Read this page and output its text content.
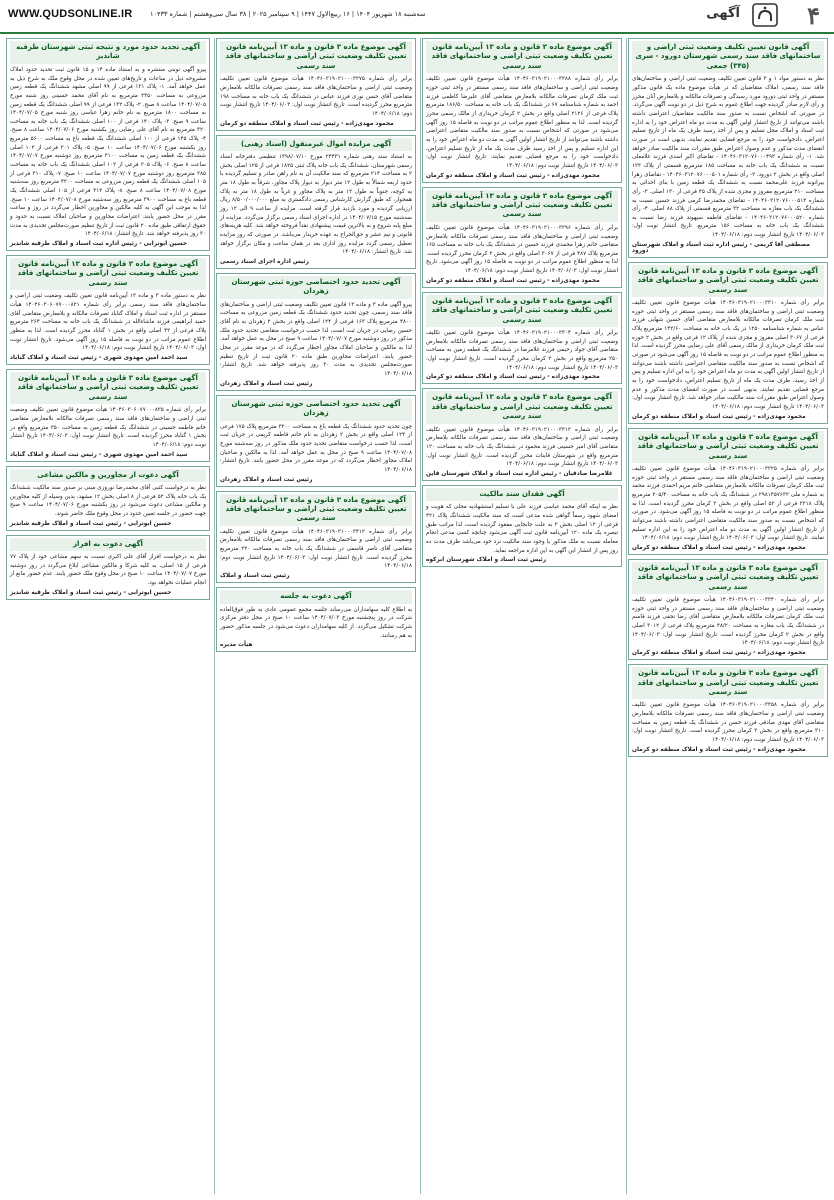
WWW.QUDSONLINE.IR	سه‌شنبه ۱۸ شهریور ۱۴۰۴ | ۱۶ ربیع‌الاول ۱۴۴۷ | ۹ سپتامبر ۲۰۲۵ | ۳۸ سال سی‌وهشتم | شماره ۱۰۴۳۳	آگهی	۴
آگهی قانون تعیین تکلیف وضعیت ثبتی اراضی و ساختمانهای فاقد سند رسمی شهرستان دورود - سری (۳۴۵) جمعی
نظر به دستور مواد ۱ و ۳ قانون تعیین تکلیف وضعیت ثبتی اراضی و ساختمان‌های فاقد سند رسمی، املاک متقاضیان که در هیأت موضوع ماده یک قانون مذکور مستقر در واحد ثبتی دورود مورد رسیدگی و تصرفات مالکانه و بلامعارض آنان محرز و رأی لازم صادر گردیده جهت اطلاع عموم به شرح ذیل در دو نوبت آگهی می‌گردد. در صورتی که اشخاص نسبت به صدور سند مالکیت متقاضیان اعتراضی داشته باشند می‌توانند از تاریخ انتشار اولین آگهی به مدت دو ماه اعتراض خود را به اداره ثبت اسناد و املاک محل تسلیم و پس از اخذ رسید ظرف یک ماه از تاریخ تسلیم اعتراض، دادخواست خود را به مرجع قضایی تقدیم نمایند. بدیهی است در صورت انقضای مدت مذکور و عدم وصول اعتراض طبق مقررات سند مالکیت صادر خواهد شد. ۱- رأی شماره ۱۴۰۴۶۰۳۱۲۰۷۶۰۰۰۴۹۳ - تقاضای اکبر اسدی فرزند غلامعلی نسبت به ششدانگ یک باب خانه به مساحت ۱۸۵ مترمربع قسمتی از پلاک ۱۲۳ اصلی واقع در بخش ۲ دورود. ۲- رأی شماره ۱۴۰۴۶۰۳۱۲۰۷۶۰۰۰۵۰۱ - تقاضای زهرا بیرانوند فرزند علی‌محمد نسبت به ششدانگ یک قطعه زمین با بنای احداثی به مساحت ۲۱۰ مترمربع مفروز و مجزی شده از پلاک ۴۵ فرعی از ۱۳۰ اصلی. ۳- رأی شماره ۱۴۰۴۶۰۳۱۲۰۷۶۰۰۰۵۱۲ - تقاضای محمدرضا کرمی فرزند حسین نسبت به ششدانگ یک باب مغازه به مساحت ۳۲ مترمربع قسمتی از پلاک ۸۸ اصلی. ۴- رأی شماره ۱۴۰۴۶۰۳۱۲۰۷۶۰۰۰۵۲۰ - تقاضای فاطمه سپهوند فرزند رضا نسبت به ششدانگ یک باب خانه به مساحت ۱۵۶ مترمربع. تاریخ انتشار نوبت اول: ۱۴۰۴/۰۶/۰۳ تاریخ انتشار نوبت دوم: ۱۴۰۴/۰۶/۱۸
مصطفی آقا کریمی - رئیس اداره ثبت اسناد و املاک شهرستان دورود
آگهی موضوع ماده ۳ قانون و ماده ۱۳ آیین‌نامه قانون تعیین تکلیف وضعیت ثبتی اراضی و ساختمانهای فاقد سند رسمی
برابر رأی شماره ۱۴۰۴۶۰۳۱۹۰۲۱۰۰۰۳۳۱۰ هیأت موضوع قانون تعیین تکلیف وضعیت ثبتی اراضی و ساختمان‌های فاقد سند رسمی مستقر در واحد ثبتی حوزه ثبت ملک کرمان تصرفات مالکانه بلامعارض متقاضی آقای حسین شهابی فرزند عباس به شماره شناسنامه ۱۲۵۰ در یک باب خانه به مساحت ۱۴۲/۶۰ مترمربع پلاک فرعی از ۳۰۶۷ اصلی مفروز و مجزی شده از پلاک ۱۲ فرعی واقع در بخش ۲ حوزه ثبت ملک کرمان خریداری از مالک رسمی آقای علی رضایی محرز گردیده است. لذا به منظور اطلاع عموم مراتب در دو نوبت به فاصله ۱۵ روز آگهی می‌شود در صورتی که اشخاص نسبت به صدور سند مالکیت متقاضی اعتراضی داشته باشند می‌توانند از تاریخ انتشار اولین آگهی به مدت دو ماه اعتراض خود را به این اداره تسلیم و پس از اخذ رسید، ظرف مدت یک ماه از تاریخ تسلیم اعتراض، دادخواست خود را به مرجع قضایی تقدیم نمایند. بدیهی است در صورت انقضای مدت مذکور و عدم وصول اعتراض طبق مقررات سند مالکیت صادر خواهد شد. تاریخ انتشار نوبت اول: ۱۴۰۴/۰۶/۰۳ تاریخ انتشار نوبت دوم: ۱۴۰۴/۰۶/۱۸
محمود مهدی‌زاده - رئیس ثبت اسناد و املاک منطقه دو کرمان
آگهی موضوع ماده ۳ قانون و ماده ۱۳ آیین‌نامه قانون تعیین تکلیف وضعیت ثبتی اراضی و ساختمانهای فاقد سند رسمی
برابر رأی شماره ۱۴۰۴۶۰۳۱۹۰۲۱۰۰۰۳۳۲۵ هیأت موضوع قانون تعیین تکلیف وضعیت ثبتی اراضی و ساختمان‌های فاقد سند رسمی مستقر در واحد ثبتی حوزه ثبت ملک کرمان تصرفات مالکانه بلامعارض متقاضی خانم مریم احمدی فرزند محمد به شماره ملی ۲۹۸۱۴۵۷۶۳۲ در ششدانگ یک باب خانه به مساحت ۲۰۵/۴۰ مترمربع پلاک ۲۲۱۸ فرعی از ۵۲ اصلی واقع در بخش ۲ کرمان محرز گردیده است. لذا به منظور اطلاع عموم مراتب در دو نوبت به فاصله ۱۵ روز آگهی می‌شود. در صورتی که اشخاص نسبت به صدور سند مالکیت متقاضی اعتراضی داشته باشند می‌توانند از تاریخ انتشار اولین آگهی به مدت دو ماه اعتراض خود را به این اداره تسلیم نمایند. تاریخ انتشار نوبت اول: ۱۴۰۴/۰۶/۰۳ تاریخ انتشار نوبت دوم: ۱۴۰۴/۰۶/۱۸
محمود مهدی‌زاده - رئیس ثبت اسناد و املاک منطقه دو کرمان
آگهی موضوع ماده ۳ قانون و ماده ۱۳ آیین‌نامه قانون تعیین تکلیف وضعیت ثبتی اراضی و ساختمانهای فاقد سند رسمی
برابر رأی شماره ۱۴۰۴۶۰۳۱۹۰۲۱۰۰۰۳۳۴۰ هیأت موضوع قانون تعیین تکلیف وضعیت ثبتی اراضی و ساختمان‌های فاقد سند رسمی مستقر در واحد ثبتی حوزه ثبت ملک کرمان تصرفات مالکانه بلامعارض متقاضی آقای رضا نجفی فرزند قاسم در ششدانگ یک باب مغازه به مساحت ۴۸/۲۰ مترمربع پلاک فرعی از ۳۰۱۲ اصلی واقع در بخش ۲ کرمان محرز گردیده است. تاریخ انتشار نوبت اول: ۱۴۰۴/۰۶/۰۳ تاریخ انتشار نوبت دوم: ۱۴۰۴/۰۶/۱۸
محمود مهدی‌زاده - رئیس ثبت اسناد و املاک منطقه دو کرمان
آگهی موضوع ماده ۳ قانون و ماده ۱۳ آیین‌نامه قانون تعیین تکلیف وضعیت ثبتی اراضی و ساختمانهای فاقد سند رسمی
برابر رأی شماره ۱۴۰۴۶۰۳۱۹۰۲۱۰۰۰۳۳۵۸ هیأت موضوع قانون تعیین تکلیف وضعیت ثبتی اراضی و ساختمان‌های فاقد سند رسمی تصرفات مالکانه بلامعارض متقاضی آقای مهدی صادقی فرزند حسن در ششدانگ یک قطعه زمین به مساحت ۳۱۰ مترمربع واقع در بخش ۳ کرمان محرز گردیده است. تاریخ انتشار نوبت اول: ۱۴۰۴/۰۶/۰۳ تاریخ انتشار نوبت دوم: ۱۴۰۴/۰۶/۱۸
محمود مهدی‌زاده - رئیس ثبت اسناد و املاک منطقه دو کرمان
آگهی موضوع ماده ۳ قانون و ماده ۱۳ آیین‌نامه قانون تعیین تکلیف وضعیت ثبتی اراضی و ساختمانهای فاقد سند رسمی
برابر رأی شماره ۱۴۰۴۶۰۳۱۹۰۲۱۰۰۰۳۲۸۸ هیأت موضوع قانون تعیین تکلیف وضعیت ثبتی اراضی و ساختمان‌های فاقد سند رسمی مستقر در واحد ثبتی حوزه ثبت ملک کرمان تصرفات مالکانه بلامعارض متقاضی آقای علیرضا کاظمی فرزند احمد به شماره شناسنامه ۶۷ در ششدانگ یک باب خانه به مساحت ۱۸۶/۵۰ مترمربع پلاک فرعی از ۲۱۲۶ اصلی واقع در بخش ۲ کرمان خریداری از مالک رسمی محرز گردیده است. لذا به منظور اطلاع عموم مراتب در دو نوبت به فاصله ۱۵ روز آگهی می‌شود در صورتی که اشخاص نسبت به صدور سند مالکیت متقاضی اعتراضی داشته باشند می‌توانند از تاریخ انتشار اولین آگهی به مدت دو ماه اعتراض خود را به این اداره تسلیم و پس از اخذ رسید ظرف مدت یک ماه از تاریخ تسلیم اعتراض، دادخواست خود را به مرجع قضایی تقدیم نمایند. تاریخ انتشار نوبت اول: ۱۴۰۴/۰۶/۰۳ تاریخ انتشار نوبت دوم: ۱۴۰۴/۰۶/۱۸
محمود مهدی‌زاده - رئیس ثبت اسناد و املاک منطقه دو کرمان
آگهی موضوع ماده ۳ قانون و ماده ۱۳ آیین‌نامه قانون تعیین تکلیف وضعیت ثبتی اراضی و ساختمانهای فاقد سند رسمی
برابر رأی شماره ۱۴۰۴۶۰۳۱۹۰۲۱۰۰۰۳۲۹۶ هیأت موضوع قانون تعیین تکلیف وضعیت ثبتی اراضی و ساختمان‌های فاقد سند رسمی تصرفات مالکانه بلامعارض متقاضی خانم زهرا محمدی فرزند حسین در ششدانگ یک باب خانه به مساحت ۱۶۵ مترمربع پلاک ۴۸۷ فرعی از ۳۰۶۷ اصلی واقع در بخش ۲ کرمان محرز گردیده است. لذا به منظور اطلاع عموم مراتب در دو نوبت به فاصله ۱۵ روز آگهی می‌شود. تاریخ انتشار نوبت اول: ۱۴۰۴/۰۶/۰۳ تاریخ انتشار نوبت دوم: ۱۴۰۴/۰۶/۱۸
محمود مهدی‌زاده - رئیس ثبت اسناد و املاک منطقه دو کرمان
آگهی موضوع ماده ۳ قانون و ماده ۱۳ آیین‌نامه قانون تعیین تکلیف وضعیت ثبتی اراضی و ساختمانهای فاقد سند رسمی
برابر رأی شماره ۱۴۰۴۶۰۳۱۹۰۲۱۰۰۰۳۳۰۴ هیأت موضوع قانون تعیین تکلیف وضعیت ثبتی اراضی و ساختمان‌های فاقد سند رسمی تصرفات مالکانه بلامعارض متقاضی آقای جواد رحیمی فرزند غلامرضا در ششدانگ یک قطعه زمین به مساحت ۲۵۰ مترمربع واقع در بخش ۲ کرمان محرز گردیده است. تاریخ انتشار نوبت اول: ۱۴۰۴/۰۶/۰۳ تاریخ انتشار نوبت دوم: ۱۴۰۴/۰۶/۱۸
محمود مهدی‌زاده - رئیس ثبت اسناد و املاک منطقه دو کرمان
آگهی موضوع ماده ۳ قانون و ماده ۱۳ آیین‌نامه قانون تعیین تکلیف وضعیت ثبتی اراضی و ساختمانهای فاقد سند رسمی
برابر رأی شماره ۱۴۰۴۶۰۳۱۹۰۲۱۰۰۰۳۳۱۲ هیأت موضوع قانون تعیین تکلیف وضعیت ثبتی اراضی و ساختمان‌های فاقد سند رسمی تصرفات مالکانه بلامعارض متقاضی آقای امیر حسینی فرزند محمود در ششدانگ یک باب خانه به مساحت ۱۲۰ مترمربع واقع در شهرستان قاینات محرز گردیده است. تاریخ انتشار نوبت اول: ۱۴۰۴/۰۶/۰۳ تاریخ انتشار نوبت دوم: ۱۴۰۴/۰۶/۱۸
غلامرضا صادقیان - رئیس اداره ثبت اسناد و املاک شهرستان قاین
آگهی فقدان سند مالکیت
نظر به اینکه آقای محمد عباسی فرزند علی با تسلیم استشهادیه محلی که هویت و امضای شهود رسماً گواهی شده مدعی است که سند مالکیت ششدانگ پلاک ۴۲۱ فرعی از ۱۲ اصلی بخش ۳ به علت جابجایی مفقود گردیده است، لذا مراتب طبق تبصره یک ماده ۱۲۰ آیین‌نامه قانون ثبت آگهی می‌شود چنانچه کسی مدعی انجام معامله نسبت به ملک مذکور یا وجود سند مالکیت نزد خود می‌باشد ظرف مدت ده روز پس از انتشار این آگهی به این اداره مراجعه نماید.
رئیس ثبت اسناد و املاک شهرستان ابرکوه
آگهی موضوع ماده ۳ قانون و ماده ۱۳ آیین‌نامه قانون تعیین تکلیف وضعیت ثبتی اراضی و ساختمانهای فاقد سند رسمی
برابر رأی شماره ۱۴۰۴۶۰۳۱۹۰۲۱۰۰۰۳۲۷۵ هیأت موضوع قانون تعیین تکلیف وضعیت ثبتی اراضی و ساختمان‌های فاقد سند رسمی تصرفات مالکانه بلامعارض متقاضی آقای حسن نوری فرزند عباس در ششدانگ یک باب خانه به مساحت ۱۹۸ مترمربع محرز گردیده است. تاریخ انتشار نوبت اول: ۱۴۰۴/۰۶/۰۳ تاریخ انتشار نوبت دوم: ۱۴۰۴/۰۶/۱۸
محمود مهدی‌زاده - رئیس ثبت اسناد و املاک منطقه دو کرمان
آگهی مزایده اموال غیرمنقول (اسناد رهنی)
به استناد سند رهنی شماره ۲۴۴۳۱ مورخ ۱۳۹۸/۰۷/۱۰ تنظیمی دفترخانه اسناد رسمی شهرستان، ششدانگ یک باب خانه پلاک ثبتی ۱۸۲۵ فرعی از ۱۲۵ اصلی بخش ۲ به مساحت ۲۱۴ مترمربع که سند مالکیت آن به نام راهن صادر و تسلیم گردیده با حدود اربعه شمالاً به طول ۱۲ متر دیوار به دیوار پلاک مجاور، شرقاً به طول ۱۸ متر به کوچه، جنوباً به طول ۱۲ متر به پلاک مجاور و غرباً به طول ۱۸ متر به پلاک همجوار، که طبق گزارش کارشناس رسمی دادگستری به مبلغ ۸/۵۰۰/۰۰۰/۰۰۰ ریال ارزیابی گردیده و مورد بازدید قرار گرفته است. مزایده از ساعت ۹ الی ۱۲ روز سه‌شنبه مورخ ۱۴۰۴/۰۷/۱۵ در اداره اجرای اسناد رسمی برگزار می‌گردد. مزایده از مبلغ پایه شروع و به بالاترین قیمت پیشنهادی نقداً فروخته خواهد شد. کلیه هزینه‌های قانونی و نیم عشر و حق‌الحراج به عهده خریدار می‌باشد. در صورتی که روز مزایده تعطیل رسمی گردد مزایده روز اداری بعد در همان ساعت و مکان برگزار خواهد شد. تاریخ انتشار: ۱۴۰۴/۰۶/۱۸
رئیس اداره اجرای اسناد رسمی
آگهی تحدید حدود اختصاصی حوزه ثبتی شهرستان زهردان
پیرو آگهی ماده ۳ و ماده ۱۳ قانون تعیین تکلیف وضعیت ثبتی اراضی و ساختمان‌های فاقد سند رسمی، چون تحدید حدود ششدانگ یک قطعه زمین مزروعی به مساحت ۴۸۰۰ مترمربع پلاک ۱۶۳ فرعی از ۱۲۴ اصلی واقع در بخش ۲ زهردان به نام آقای حسین رضایی در جریان ثبت است، لذا حسب درخواست متقاضی تحدید حدود ملک مذکور در روز دوشنبه مورخ ۱۴۰۴/۰۷/۰۷ ساعت ۹ صبح در محل به عمل خواهد آمد. لذا به مالکین و صاحبان املاک مجاور اخطار می‌گردد که در موعد مقرر در محل حضور یابند. اعتراضات مجاورین طبق ماده ۲۰ قانون ثبت از تاریخ تنظیم صورت‌مجلس تحدیدی به مدت ۳۰ روز پذیرفته خواهد شد. تاریخ انتشار: ۱۴۰۴/۰۶/۱۸
رئیس ثبت اسناد و املاک زهردان
آگهی تحدید حدود اختصاصی حوزه ثبتی شهرستان زهردان
چون تحدید حدود ششدانگ یک قطعه باغ به مساحت ۳۲۰۰ مترمربع پلاک ۱۷۵ فرعی از ۱۲۴ اصلی واقع در بخش ۲ زهردان به نام خانم فاطمه کریمی در جریان ثبت است، لذا حسب درخواست متقاضی تحدید حدود ملک مذکور در روز سه‌شنبه مورخ ۱۴۰۴/۰۷/۰۸ ساعت ۹ صبح در محل به عمل خواهد آمد. لذا به مالکین و صاحبان املاک مجاور اخطار می‌گردد که در موعد مقرر در محل حضور یابند. تاریخ انتشار: ۱۴۰۴/۰۶/۱۸
رئیس ثبت اسناد و املاک زهردان
آگهی موضوع ماده ۳ قانون و ماده ۱۳ آیین‌نامه قانون تعیین تکلیف وضعیت ثبتی اراضی و ساختمانهای فاقد سند رسمی
برابر رأی شماره ۱۴۰۴۶۰۳۱۹۰۲۱۰۰۰۳۴۱۲ هیأت موضوع قانون تعیین تکلیف وضعیت ثبتی اراضی و ساختمان‌های فاقد سند رسمی تصرفات مالکانه بلامعارض متقاضی آقای ناصر قاسمی در ششدانگ یک باب خانه به مساحت ۲۲۰ مترمربع محرز گردیده است. تاریخ انتشار نوبت اول: ۱۴۰۴/۰۶/۰۳ تاریخ انتشار نوبت دوم: ۱۴۰۴/۰۶/۱۸
رئیس ثبت اسناد و املاک
آگهی دعوت به جلسه
به اطلاع کلیه سهامداران می‌رساند جلسه مجمع عمومی عادی به طور فوق‌العاده شرکت در روز پنجشنبه مورخ ۱۴۰۴/۰۷/۰۳ ساعت ۱۰ صبح در محل دفتر مرکزی شرکت تشکیل می‌گردد. از کلیه سهامداران دعوت می‌شود در جلسه مذکور حضور به هم رسانند.
هیأت مدیره
آگهی تجدید حدود مورد و نتیجه ثبتی شهرستان طرقبه شاندیز
پیرو آگهی نوبتی منتشره و به استناد ماده ۱۴ و ۱۵ قانون ثبت تحدید حدود املاک مشروحه ذیل در ساعات و تاریخ‌های تعیین شده در محل وقوع ملک به شرح ذیل به عمل خواهد آمد. ۱- پلاک ۱۳۱ فرعی از ۹۹ اصلی مشهد ششدانگ یک قطعه زمین مزروعی به مساحت ۲۴۵۰ مترمربع به نام آقای محمد حسینی روز شنبه مورخ ۱۴۰۴/۰۷/۰۵ ساعت ۸ صبح. ۲- پلاک ۱۳۲ فرعی از ۹۹ اصلی ششدانگ یک قطعه زمین به مساحت ۱۸۰۰ مترمربع به نام خانم زهرا عباسی روز شنبه مورخ ۱۴۰۴/۰۷/۰۵ ساعت ۹ صبح. ۳- پلاک ۱۴۰ فرعی از ۱۰۰ اصلی ششدانگ یک باب خانه به مساحت ۳۲۰ مترمربع به نام آقای علی رضایی روز یکشنبه مورخ ۱۴۰۴/۰۷/۰۶ ساعت ۸ صبح. ۴- پلاک ۱۴۵ فرعی از ۱۰۰ اصلی ششدانگ یک قطعه باغ به مساحت ۵۶۰۰ مترمربع روز یکشنبه مورخ ۱۴۰۴/۰۷/۰۶ ساعت ۱۰ صبح. ۵- پلاک ۲۰۱ فرعی از ۱۰۲ اصلی ششدانگ یک قطعه زمین به مساحت ۲۱۰۰ مترمربع روز دوشنبه مورخ ۱۴۰۴/۰۷/۰۷ ساعت ۸ صبح. ۶- پلاک ۲۰۵ فرعی از ۱۰۲ اصلی ششدانگ یک باب خانه به مساحت ۲۸۵ مترمربع روز دوشنبه مورخ ۱۴۰۴/۰۷/۰۷ ساعت ۱۰ صبح. ۷- پلاک ۳۱۰ فرعی از ۱۰۵ اصلی ششدانگ یک قطعه زمین مزروعی به مساحت ۴۲۰۰ مترمربع روز سه‌شنبه مورخ ۱۴۰۴/۰۷/۰۸ ساعت ۸ صبح. ۸- پلاک ۳۱۲ فرعی از ۱۰۵ اصلی ششدانگ یک قطعه باغ به مساحت ۳۹۰۰ مترمربع روز سه‌شنبه مورخ ۱۴۰۴/۰۷/۰۸ ساعت ۱۰ صبح. لذا به موجب این آگهی به کلیه مالکین و مجاورین اخطار می‌گردد در روز و ساعت مقرر در محل حضور یابند. اعتراضات مجاورین و صاحبان املاک نسبت به حدود و حقوق ارتفاقی طبق ماده ۲۰ قانون ثبت از تاریخ تنظیم صورت‌مجلس تحدیدی به مدت ۳۰ روز پذیرفته خواهد شد. تاریخ انتشار: ۱۴۰۴/۰۶/۱۸
حسین ابوترابی - رئیس اداره ثبت اسناد و املاک طرقبه شاندیز
آگهی موضوع ماده ۳ قانون و ماده ۱۳ آیین‌نامه قانون تعیین تکلیف وضعیت ثبتی اراضی و ساختمانهای فاقد سند رسمی
نظر به دستور ماده ۳ و ماده ۱۳ آیین‌نامه قانون تعیین تکلیف وضعیت ثبتی اراضی و ساختمان‌های فاقد سند رسمی برابر رأی شماره ۱۴۰۴۶۰۳۰۶۰۷۷۰۰۰۸۲۱ هیأت مستقر در اداره ثبت اسناد و املاک گناباد تصرفات مالکانه و بلامعارض متقاضی آقای حمید ابراهیمی فرزند ماشاءالله در ششدانگ یک باب خانه به مساحت ۲۶۴ مترمربع پلاک فرعی از ۴۳ اصلی واقع در بخش ۱ گناباد محرز گردیده است. لذا به منظور اطلاع عموم مراتب در دو نوبت به فاصله ۱۵ روز آگهی می‌شود. تاریخ انتشار نوبت اول: ۱۴۰۴/۰۶/۰۳ تاریخ انتشار نوبت دوم: ۱۴۰۴/۰۶/۱۸
سید احمد امین مهدوی شهری - رئیس ثبت اسناد و املاک گناباد
آگهی موضوع ماده ۳ قانون و ماده ۱۳ آیین‌نامه قانون تعیین تکلیف وضعیت ثبتی اراضی و ساختمانهای فاقد سند رسمی
برابر رأی شماره ۱۴۰۴۶۰۳۰۶۰۷۷۰۰۰۸۳۵ هیأت موضوع قانون تعیین تکلیف وضعیت ثبتی اراضی و ساختمان‌های فاقد سند رسمی تصرفات مالکانه بلامعارض متقاضی خانم فاطمه حسینی در ششدانگ یک قطعه زمین به مساحت ۳۵۰ مترمربع واقع در بخش ۱ گناباد محرز گردیده است. تاریخ انتشار نوبت اول: ۱۴۰۴/۰۶/۰۳ تاریخ انتشار نوبت دوم: ۱۴۰۴/۰۶/۱۸
سید احمد امین مهدوی شهری - رئیس ثبت اسناد و املاک گناباد
آگهی دعوت از مجاورین و مالکین مشاعی
نظر به درخواست کتبی آقای محمدرضا نوروزی مبنی بر صدور سند مالکیت ششدانگ یک باب خانه پلاک ۵۲ فرعی از ۸ اصلی بخش ۱۲ مشهد، بدین وسیله از کلیه مجاورین و مالکین مشاعی دعوت می‌شود در روز یکشنبه مورخ ۱۴۰۴/۰۷/۰۶ ساعت ۹ صبح جهت حضور در جلسه تعیین حدود در محل وقوع ملک حاضر شوند.
حسین ابوترابی - رئیس ثبت اسناد و املاک طرقبه شاندیز
آگهی دعوت به افراز
نظر به درخواست افراز آقای علی اکبری نسبت به سهم مشاعی خود از پلاک ۷۷ فرعی از ۱۵ اصلی، به کلیه شرکا و مالکین مشاعی ابلاغ می‌گردد در روز دوشنبه مورخ ۱۴۰۴/۰۷/۰۷ ساعت ۱۰ صبح در محل وقوع ملک حضور یابند. عدم حضور مانع از انجام عملیات نخواهد بود.
حسین ابوترابی - رئیس ثبت اسناد و املاک طرقبه شاندیز
